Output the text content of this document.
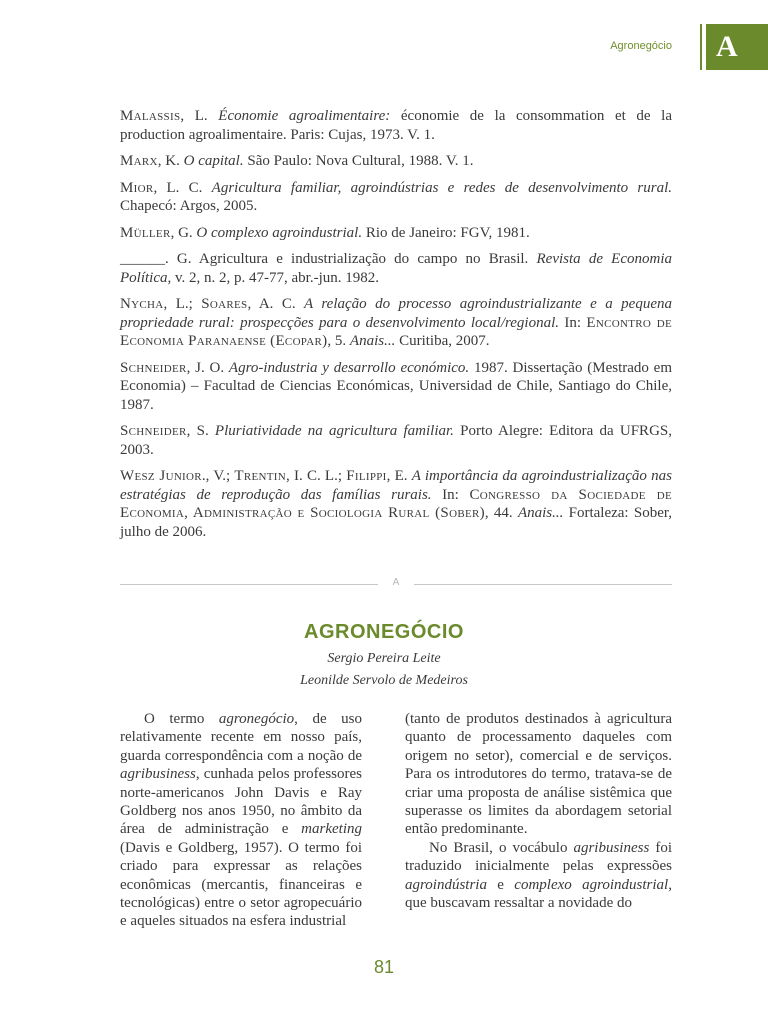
Agronegócio	A

Malassis, L. Économie agroalimentaire: économie de la consommation et de la production agroalimentaire. Paris: Cujas, 1973. V. 1.

Marx, K. O capital. São Paulo: Nova Cultural, 1988. V. 1.

Mior, L. C. Agricultura familiar, agroindústrias e redes de desenvolvimento rural. Chapecó: Argos, 2005.

Müller, G. O complexo agroindustrial. Rio de Janeiro: FGV, 1981.

______. G. Agricultura e industrialização do campo no Brasil. Revista de Economia Política, v. 2, n. 2, p. 47-77, abr.-jun. 1982.

Nycha, L.; Soares, A. C. A relação do processo agroindustrializante e a pequena propriedade rural: prospecções para o desenvolvimento local/regional. In: Encontro de Economia Paranaense (Ecopar), 5. Anais... Curitiba, 2007.

Schneider, J. O. Agro-industria y desarrollo económico. 1987. Dissertação (Mestrado em Economia) – Facultad de Ciencias Económicas, Universidad de Chile, Santiago do Chile, 1987.

Schneider, S. Pluriatividade na agricultura familiar. Porto Alegre: Editora da UFRGS, 2003.

Wesz Junior., V.; Trentin, I. C. L.; Filippi, E. A importância da agroindustrialização nas estratégias de reprodução das famílias rurais. In: Congresso da Sociedade de Economia, Administração e Sociologia Rural (Sober), 44. Anais... Fortaleza: Sober, julho de 2006.

A
AGRONEGÓCIO
Sergio Pereira Leite
Leonilde Servolo de Medeiros

O termo agronegócio, de uso relativamente recente em nosso país, guarda correspondência com a noção de agribusiness, cunhada pelos professores norte-americanos John Davis e Ray Goldberg nos anos 1950, no âmbito da área de administração e marketing (Davis e Goldberg, 1957). O termo foi criado para expressar as relações econômicas (mercantis, financeiras e tecnológicas) entre o setor agropecuário e aqueles situados na esfera industrial

(tanto de produtos destinados à agricultura quanto de processamento daqueles com origem no setor), comercial e de serviços. Para os introdutores do termo, tratava-se de criar uma proposta de análise sistêmica que superasse os limites da abordagem setorial então predominante.

No Brasil, o vocábulo agribusiness foi traduzido inicialmente pelas expressões agroindústria e complexo agroindustrial, que buscavam ressaltar a novidade do

81
